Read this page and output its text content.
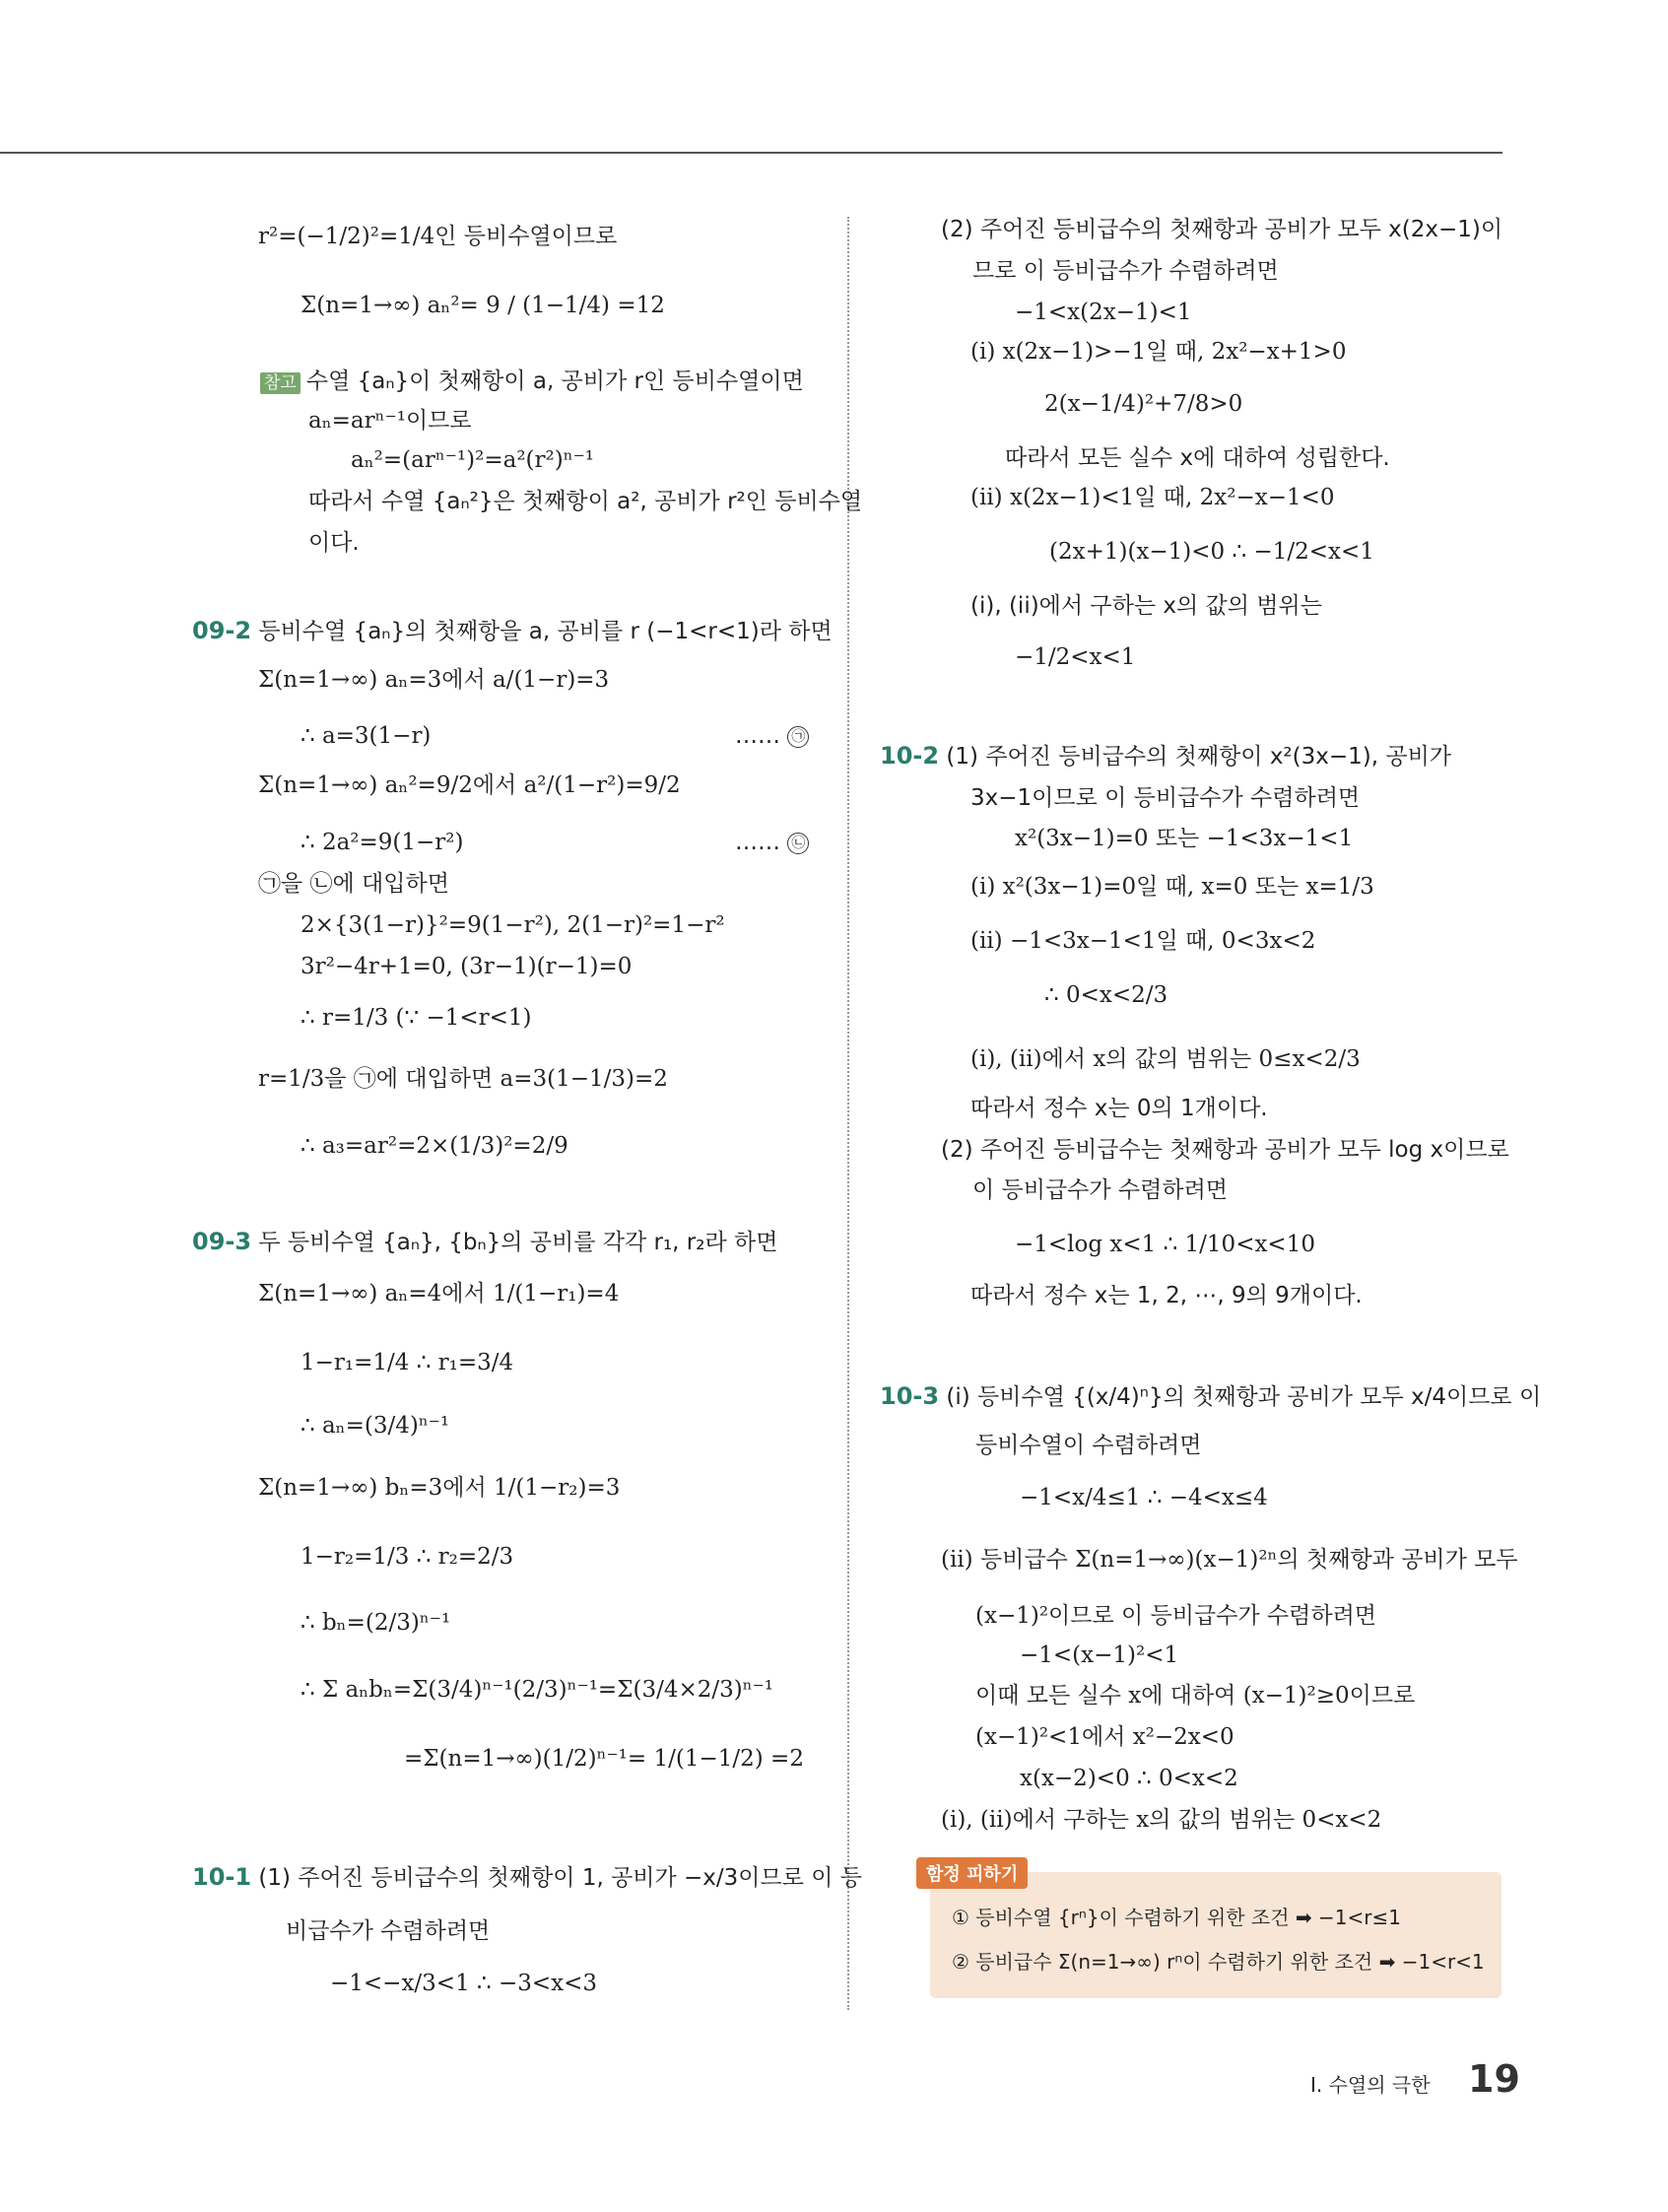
r²=(−1/2)²=1/4인 등비수열이므로
Σ(n=1→∞) aₙ²= 9 / (1−1/4) =12
참고 수열 {aₙ}이 첫째항이 a, 공비가 r인 등비수열이면
aₙ=arⁿ⁻¹이므로
aₙ²=(arⁿ⁻¹)²=a²(r²)ⁿ⁻¹
따라서 수열 {aₙ²}은 첫째항이 a², 공비가 r²인 등비수열
이다.
09-2 등비수열 {aₙ}의 첫째항을 a, 공비를 r (−1<r<1)라 하면
Σ(n=1→∞) aₙ=3에서 a/(1−r)=3
∴ a=3(1−r)	…… ㉠
Σ(n=1→∞) aₙ²=9/2에서 a²/(1−r²)=9/2
∴ 2a²=9(1−r²)	…… ㉡
㉠을 ㉡에 대입하면
2×{3(1−r)}²=9(1−r²), 2(1−r)²=1−r²
3r²−4r+1=0, (3r−1)(r−1)=0
∴ r=1/3 (∵ −1<r<1)
r=1/3을 ㉠에 대입하면 a=3(1−1/3)=2
∴ a₃=ar²=2×(1/3)²=2/9
09-3 두 등비수열 {aₙ}, {bₙ}의 공비를 각각 r₁, r₂라 하면
Σ(n=1→∞) aₙ=4에서 1/(1−r₁)=4
1−r₁=1/4 ∴ r₁=3/4
∴ aₙ=(3/4)ⁿ⁻¹
Σ(n=1→∞) bₙ=3에서 1/(1−r₂)=3
1−r₂=1/3 ∴ r₂=2/3
∴ bₙ=(2/3)ⁿ⁻¹
∴ Σ aₙbₙ=Σ(3/4)ⁿ⁻¹(2/3)ⁿ⁻¹=Σ(3/4×2/3)ⁿ⁻¹
=Σ(n=1→∞)(1/2)ⁿ⁻¹= 1/(1−1/2) =2
10-1 (1) 주어진 등비급수의 첫째항이 1, 공비가 −x/3이므로 이 등
비급수가 수렴하려면
−1<−x/3<1 ∴ −3<x<3
(2) 주어진 등비급수의 첫째항과 공비가 모두 x(2x−1)이
므로 이 등비급수가 수렴하려면
−1<x(2x−1)<1
(i) x(2x−1)>−1일 때, 2x²−x+1>0
2(x−1/4)²+7/8>0
따라서 모든 실수 x에 대하여 성립한다.
(ii) x(2x−1)<1일 때, 2x²−x−1<0
(2x+1)(x−1)<0 ∴ −1/2<x<1
(i), (ii)에서 구하는 x의 값의 범위는
−1/2<x<1
10-2 (1) 주어진 등비급수의 첫째항이 x²(3x−1), 공비가
3x−1이므로 이 등비급수가 수렴하려면
x²(3x−1)=0 또는 −1<3x−1<1
(i) x²(3x−1)=0일 때, x=0 또는 x=1/3
(ii) −1<3x−1<1일 때, 0<3x<2
∴ 0<x<2/3
(i), (ii)에서 x의 값의 범위는 0≤x<2/3
따라서 정수 x는 0의 1개이다.
(2) 주어진 등비급수는 첫째항과 공비가 모두 log x이므로
이 등비급수가 수렴하려면
−1<log x<1 ∴ 1/10<x<10
따라서 정수 x는 1, 2, ⋯, 9의 9개이다.
10-3 (i) 등비수열 {(x/4)ⁿ}의 첫째항과 공비가 모두 x/4이므로 이
등비수열이 수렴하려면
−1<x/4≤1 ∴ −4<x≤4
(ii) 등비급수 Σ(n=1→∞)(x−1)²ⁿ의 첫째항과 공비가 모두
(x−1)²이므로 이 등비급수가 수렴하려면
−1<(x−1)²<1
이때 모든 실수 x에 대하여 (x−1)²≥0이므로
(x−1)²<1에서 x²−2x<0
x(x−2)<0 ∴ 0<x<2
(i), (ii)에서 구하는 x의 값의 범위는 0<x<2
함정 피하기
① 등비수열 {rⁿ}이 수렴하기 위한 조건 ➡ −1<r≤1
② 등비급수 Σ(n=1→∞) rⁿ이 수렴하기 위한 조건 ➡ −1<r<1
Ⅰ. 수열의 극한 19
